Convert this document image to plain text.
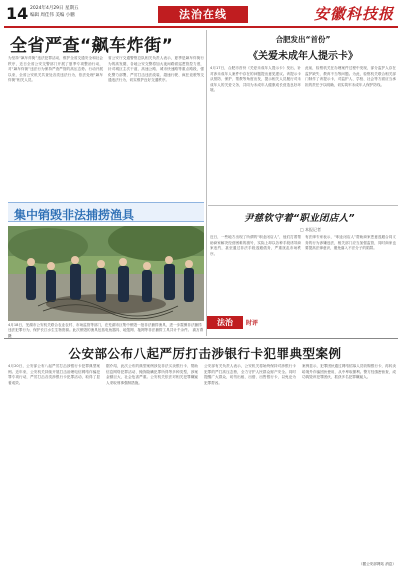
14 2024年4月29日 星期五
编辑 周佳伟 美编 小鹏	法治在线	安徽科技报
全省严查“飙车炸街”
为坚持“飙车炸街”违法犯罪活动，维护全省交通安全和社会秩序，近日全省公安交警部门开展了夏季专项整治行动，对“飙车炸街”违法行为保持严查严管的高压态势。行动开展以来，全省公安机关共查处各类违法行为，依法处理“飙车炸街”相关人员。
省公安厅交通警察总队相关负责人表示，夏季是飙车炸街行为的高发期，各地公安交警将加大夜间路面巡逻管控力度，针对城区主次干道、高速公路、城市快速路等重点路段，强化警力部署，严厉打击违法改装、超速行驶、疯狂竞驶等交通违法行为，切实维护良好交通秩序。
集中销毁非法捕捞渔具
4月18日，芜湖市公安机关联合农业农村、市场监管等部门，在芜湖市区集中销毁一批非法捕捞渔具，进一步震慑非法捕捞违法犯罪行为，保护长江水生生物资源。此次销毁的渔具包括电鱼器具、地笼网、拖网等非法捕捞工具共计千余件。 高万青 摄
合肥发出“首份”
《关爱未成年人提示卡》
4月17日，合肥市首份《关爱未成年人提示卡》发出，针对涉未成年人案件中存在的问题提出意见建议。该提示卡从预防、保护、帮教等角度出发，提示相关人员履行对未成年人的关爱义务，共同为未成年人健康成长营造良好环境。
此前，检察机关在办理案件过程中发现，部分监护人存在监护缺失、教育不当等问题。为此，检察机关联合相关部门制作了该提示卡，对监护人、学校、社会等方面应当承担的责任予以明确，切实筑牢未成年人保护防线。
尹慈钦守着“职业闭店人”
□ 本报记者
近日，一些地方出现了所谓的“职业闭店人”，他们打着帮助商家解决经营困难的旗号，实际上却以各种手段诱导商家违约，甚至通过非法手段逃避债务，严重扰乱市场秩序。
有法律专家表示，“职业闭店人”帮助商家恶意逃避合同义务的行为涉嫌违法，相关部门应当加强监管，同时商家也要提高法律意识，避免落入不法分子的陷阱。
法治	时评
公安部公布八起严厉打击涉银行卡犯罪典型案例
4月20日，公安部公布八起严厉打击涉银行卡犯罪典型案例。近年来，公安机关持续开展打击治理电信网络诈骗犯罪专项行动，严厉打击各类涉银行卡犯罪活动，取得了显著成效。
据介绍，此次公布的典型案例涉及非法买卖银行卡、帮助信息网络犯罪活动、掩饰隐瞒犯罪所得等多种类型，涉案金额巨大，社会危害严重。公安机关依法对相关犯罪嫌疑人采取刑事强制措施。
公安部有关负责人表示，公安机关将始终保持对涉银行卡犯罪的严打高压态势，全力守护人民群众财产安全。同时提醒广大群众，切勿出租、出借、出售银行卡，以免沦为犯罪帮凶。
案例显示，犯罪团伙通过网络招募人员收购银行卡，再转卖给境外诈骗团伙使用，从中牟取暴利。警方经缜密侦查，成功捣毁该犯罪团伙，抓获多名犯罪嫌疑人。
（据公安部网站 消息）
